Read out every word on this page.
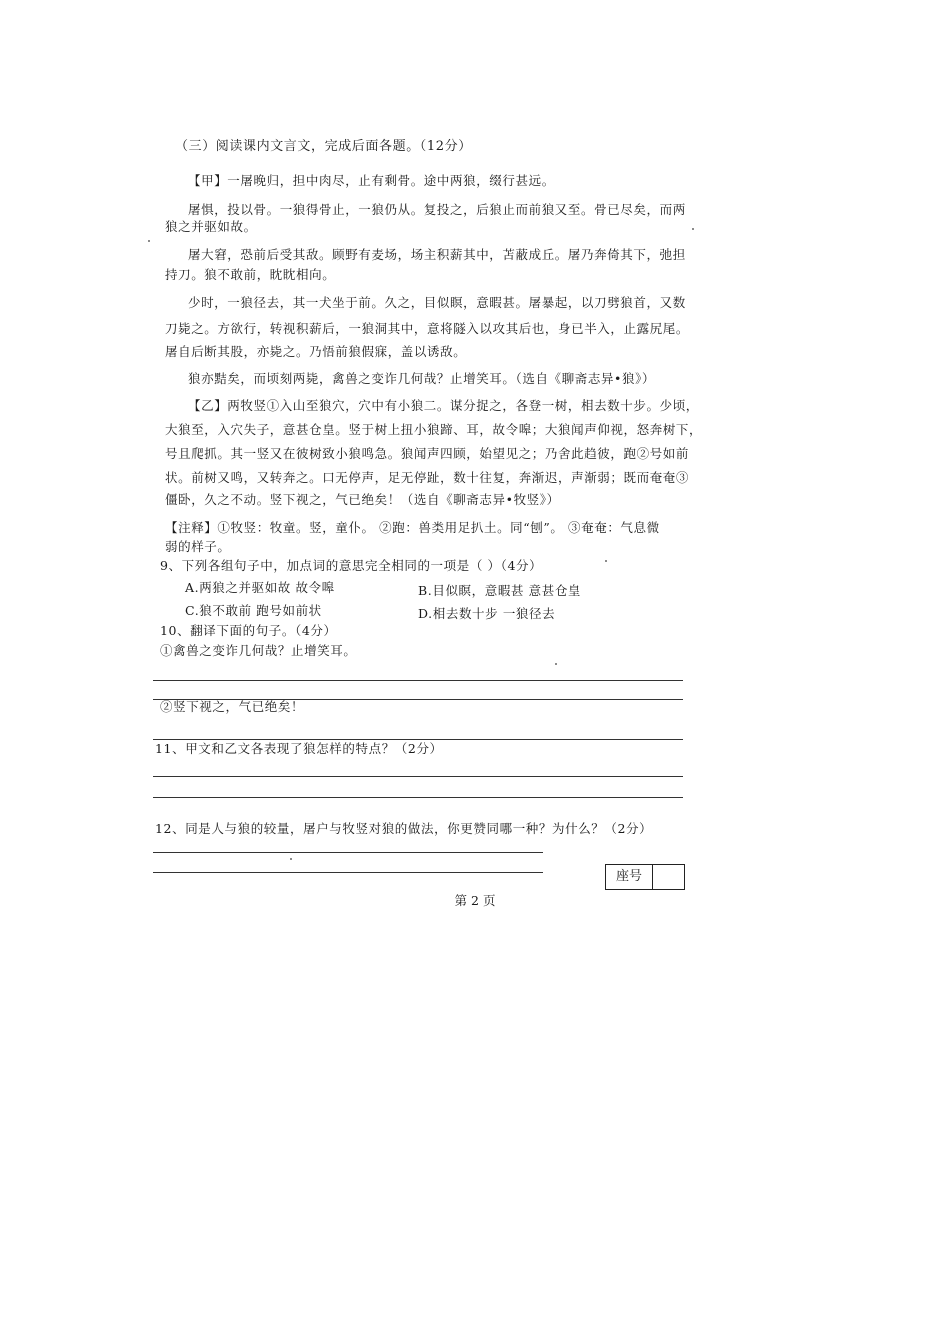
（三）阅读课内文言文，完成后面各题。（12分）
【甲】一屠晚归，担中肉尽，止有剩骨。途中两狼，缀行甚远。
屠惧，投以骨。一狼得骨止，一狼仍从。复投之，后狼止而前狼又至。骨已尽矣，而两
狼之并驱如故。
屠大窘，恐前后受其敌。顾野有麦场，场主积薪其中，苫蔽成丘。屠乃奔倚其下，弛担
持刀。狼不敢前，眈眈相向。
少时，一狼径去，其一犬坐于前。久之，目似瞑，意暇甚。屠暴起，以刀劈狼首，又数
刀毙之。方欲行，转视积薪后，一狼洞其中，意将隧入以攻其后也，身已半入，止露尻尾。
屠自后断其股，亦毙之。乃悟前狼假寐，盖以诱敌。
狼亦黠矣，而顷刻两毙，禽兽之变诈几何哉？止增笑耳。（选自《聊斋志异•狼》）
【乙】两牧竖①入山至狼穴，穴中有小狼二。谋分捉之，各登一树，相去数十步。少顷，
大狼至，入穴失子，意甚仓皇。竖于树上扭小狼蹄、耳，故令嗥；大狼闻声仰视，怒奔树下，
号且爬抓。其一竖又在彼树致小狼鸣急。狼闻声四顾，始望见之；乃舍此趋彼，跑②号如前
状。前树又鸣，又转奔之。口无停声，足无停趾，数十往复，奔渐迟，声渐弱；既而奄奄③
僵卧，久之不动。竖下视之，气已绝矣！（选自《聊斋志异•牧竖》）
【注释】①牧竖：牧童。竖，童仆。 ②跑：兽类用足扒土。同“刨”。 ③奄奄：气息微
弱的样子。
9、下列各组句子中，加点词的意思完全相同的一项是（ ）（4分）
A.两狼之并驱如故 故令嗥	B.目似瞑，意暇甚 意甚仓皇
C.狼不敢前 跑号如前状	D.相去数十步 一狼径去
10、翻译下面的句子。（4分）
①禽兽之变诈几何哉？止增笑耳。
②竖下视之，气已绝矣！
11、甲文和乙文各表现了狼怎样的特点？（2分）
12、同是人与狼的较量，屠户与牧竖对狼的做法，你更赞同哪一种？为什么？（2分）
座号
第 2 页
